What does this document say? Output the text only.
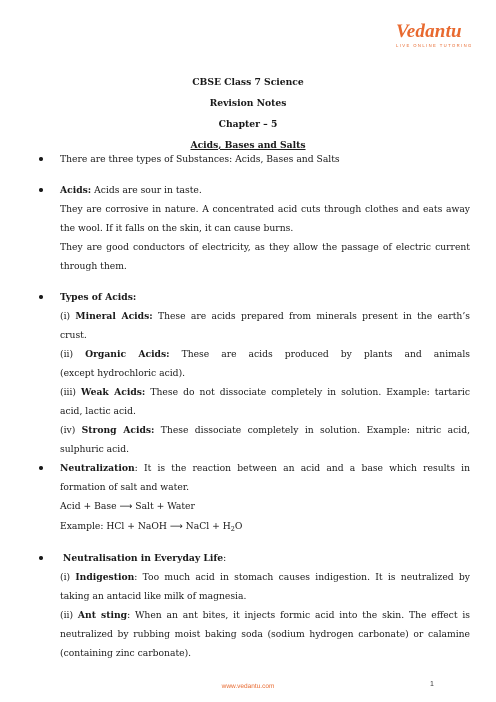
Vedantu
LIVE ONLINE TUTORING
CBSE Class 7 Science
Revision Notes
Chapter – 5
Acids, Bases and Salts
There are three types of Substances: Acids, Bases and Salts
Acids: Acids are sour in taste.
They are corrosive in nature. A concentrated acid cuts through clothes and eats away
the wool. If it falls on the skin, it can cause burns.
They are good conductors of electricity, as they allow the passage of electric current
through them.
Types of Acids:
(i) Mineral Acids: These are acids prepared from minerals present in the earth’s
crust.
(ii) Organic Acids: These are acids produced by plants and animals
(except hydrochloric acid).
(iii) Weak Acids: These do not dissociate completely in solution. Example: tartaric
acid, lactic acid.
(iv) Strong Acids: These dissociate completely in solution. Example: nitric acid,
sulphuric acid.
Neutralization: It is the reaction between an acid and a base which results in
formation of salt and water.
Acid + Base ⟶ Salt + Water
Example: HCl + NaOH ⟶ NaCl + $H_2O$
Neutralisation in Everyday Life:
(i) Indigestion: Too much acid in stomach causes indigestion. It is neutralized by
taking an antacid like milk of magnesia.
(ii) Ant sting: When an ant bites, it injects formic acid into the skin. The effect is
neutralized by rubbing moist baking soda (sodium hydrogen carbonate) or calamine
(containing zinc carbonate).
www.vedantu.com	1
